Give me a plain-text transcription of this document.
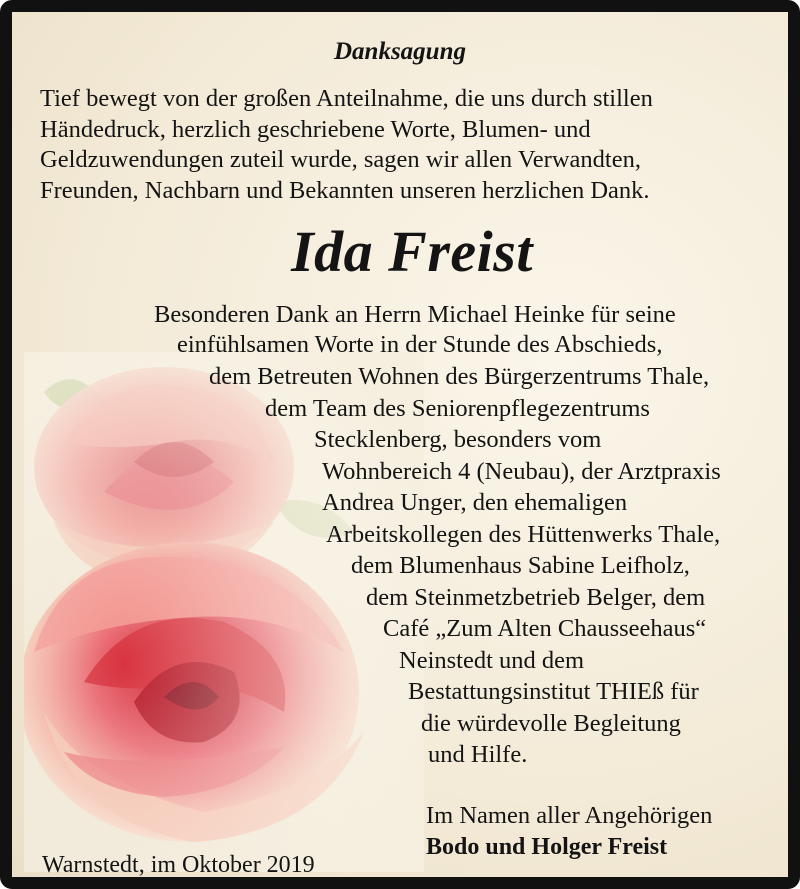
Danksagung
Tief bewegt von der großen Anteilnahme, die uns durch stillen
Händedruck, herzlich geschriebene Worte, Blumen- und
Geldzuwendungen zuteil wurde, sagen wir allen Verwandten,
Freunden, Nachbarn und Bekannten unseren herzlichen Dank.
Ida Freist
Besonderen Dank an Herrn Michael Heinke für seine
einfühlsamen Worte in der Stunde des Abschieds,
dem Betreuten Wohnen des Bürgerzentrums Thale,
dem Team des Seniorenpflegezentrums
Stecklenberg, besonders vom
Wohnbereich 4 (Neubau), der Arztpraxis
Andrea Unger, den ehemaligen
Arbeitskollegen des Hüttenwerks Thale,
dem Blumenhaus Sabine Leifholz,
dem Steinmetzbetrieb Belger, dem
Café „Zum Alten Chausseehaus“
Neinstedt und dem
Bestattungsinstitut THIEß für
die würdevolle Begleitung
und Hilfe.
Im Namen aller Angehörigen
Bodo und Holger Freist
Warnstedt, im Oktober 2019
